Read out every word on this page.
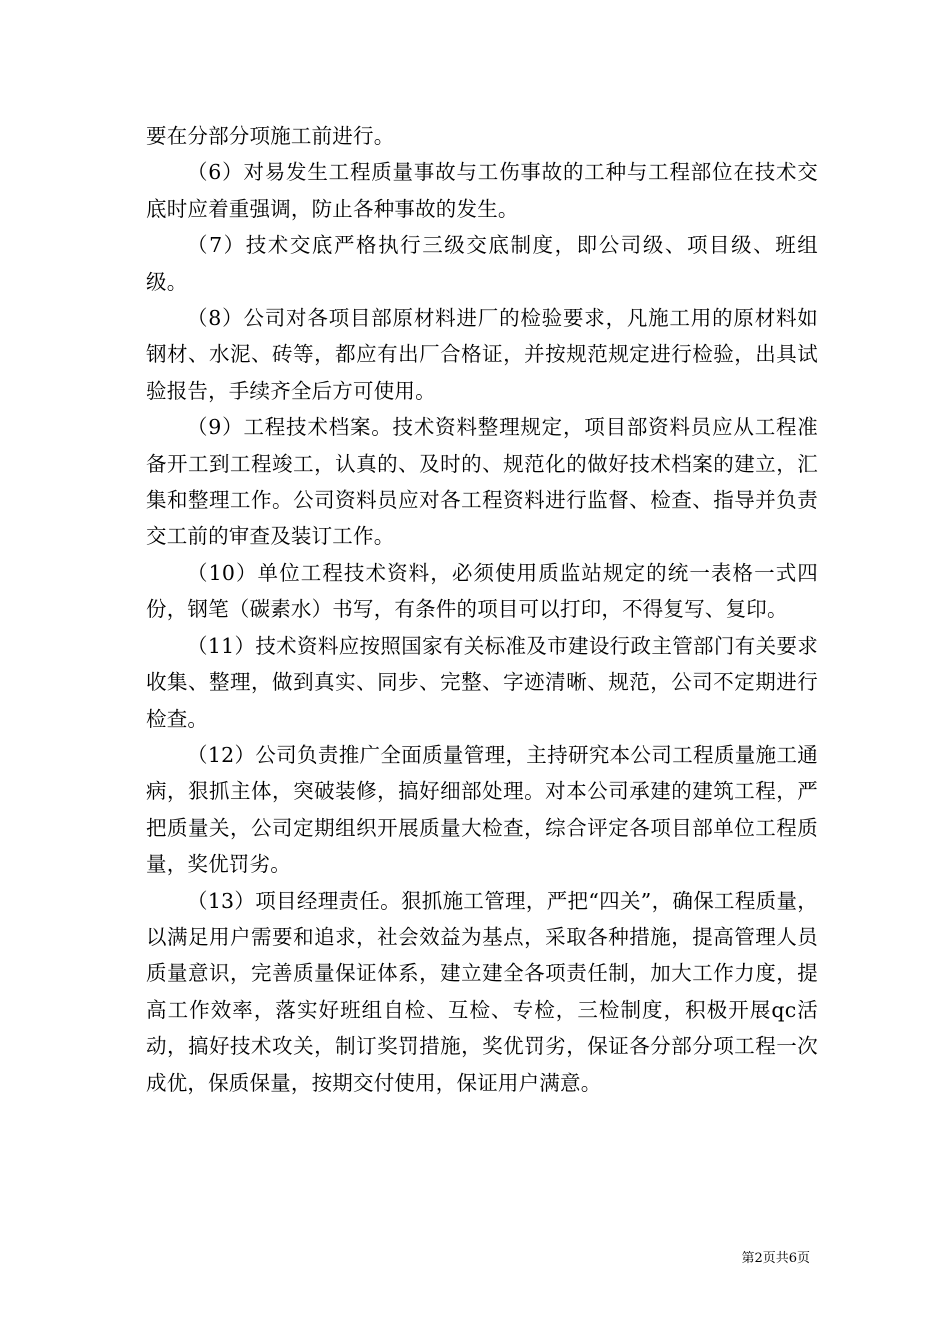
要在分部分项施工前进行。

（6）对易发生工程质量事故与工伤事故的工种与工程部位在技术交底时应着重强调，防止各种事故的发生。

（7）技术交底严格执行三级交底制度，即公司级、项目级、班组级。

（8）公司对各项目部原材料进厂的检验要求，凡施工用的原材料如钢材、水泥、砖等，都应有出厂合格证，并按规范规定进行检验，出具试验报告，手续齐全后方可使用。

（9）工程技术档案。技术资料整理规定，项目部资料员应从工程准备开工到工程竣工，认真的、及时的、规范化的做好技术档案的建立，汇集和整理工作。公司资料员应对各工程资料进行监督、检查、指导并负责交工前的审查及装订工作。

（10）单位工程技术资料，必须使用质监站规定的统一表格一式四份，钢笔（碳素水）书写，有条件的项目可以打印，不得复写、复印。

（11）技术资料应按照国家有关标准及市建设行政主管部门有关要求收集、整理，做到真实、同步、完整、字迹清晰、规范，公司不定期进行检查。

（12）公司负责推广全面质量管理，主持研究本公司工程质量施工通病，狠抓主体，突破装修，搞好细部处理。对本公司承建的建筑工程，严把质量关，公司定期组织开展质量大检查，综合评定各项目部单位工程质量，奖优罚劣。

（13）项目经理责任。狠抓施工管理，严把“四关”，确保工程质量，以满足用户需要和追求，社会效益为基点，采取各种措施，提高管理人员质量意识，完善质量保证体系，建立建全各项责任制，加大工作力度，提高工作效率，落实好班组自检、互检、专检，三检制度，积极开展qc活动，搞好技术攻关，制订奖罚措施，奖优罚劣，保证各分部分项工程一次成优，保质保量，按期交付使用，保证用户满意。

第2页共6页
